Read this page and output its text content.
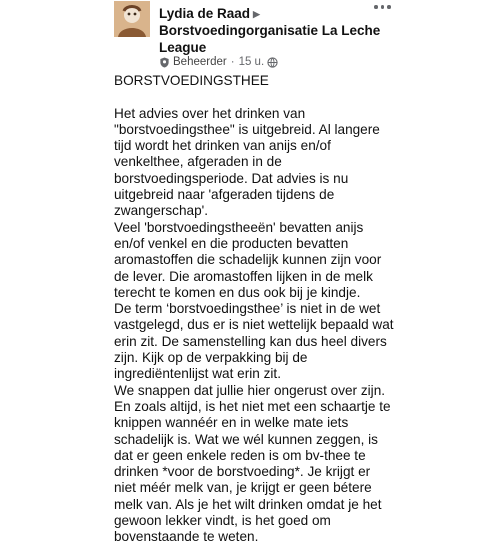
Lydia de Raad ▶
Borstvoedingorganisatie La Leche League
Beheerder · 15 u.

BORSTVOEDINGSTHEE

Het advies over het drinken van "borstvoedingsthee" is uitgebreid. Al langere tijd wordt het drinken van anijs en/of venkelthee, afgeraden in de borstvoedingsperiode. Dat advies is nu uitgebreid naar 'afgeraden tijdens de zwangerschap'.

Veel 'borstvoedingstheeën' bevatten anijs en/of venkel en die producten bevatten aromastoffen die schadelijk kunnen zijn voor de lever. Die aromastoffen lijken in de melk terecht te komen en dus ook bij je kindje.

De term ‘borstvoedingsthee’ is niet in de wet vastgelegd, dus er is niet wettelijk bepaald wat erin zit. De samenstelling kan dus heel divers zijn. Kijk op de verpakking bij de ingrediëntenlijst wat erin zit.

We snappen dat jullie hier ongerust over zijn. En zoals altijd, is het niet met een schaartje te knippen wannéér en in welke mate iets schadelijk is. Wat we wél kunnen zeggen, is dat er geen enkele reden is om bv-thee te drinken *voor de borstvoeding*. Je krijgt er niet méér melk van, je krijgt er geen bétere melk van. Als je het wilt drinken omdat je het gewoon lekker vindt, is het goed om bovenstaande te weten.
